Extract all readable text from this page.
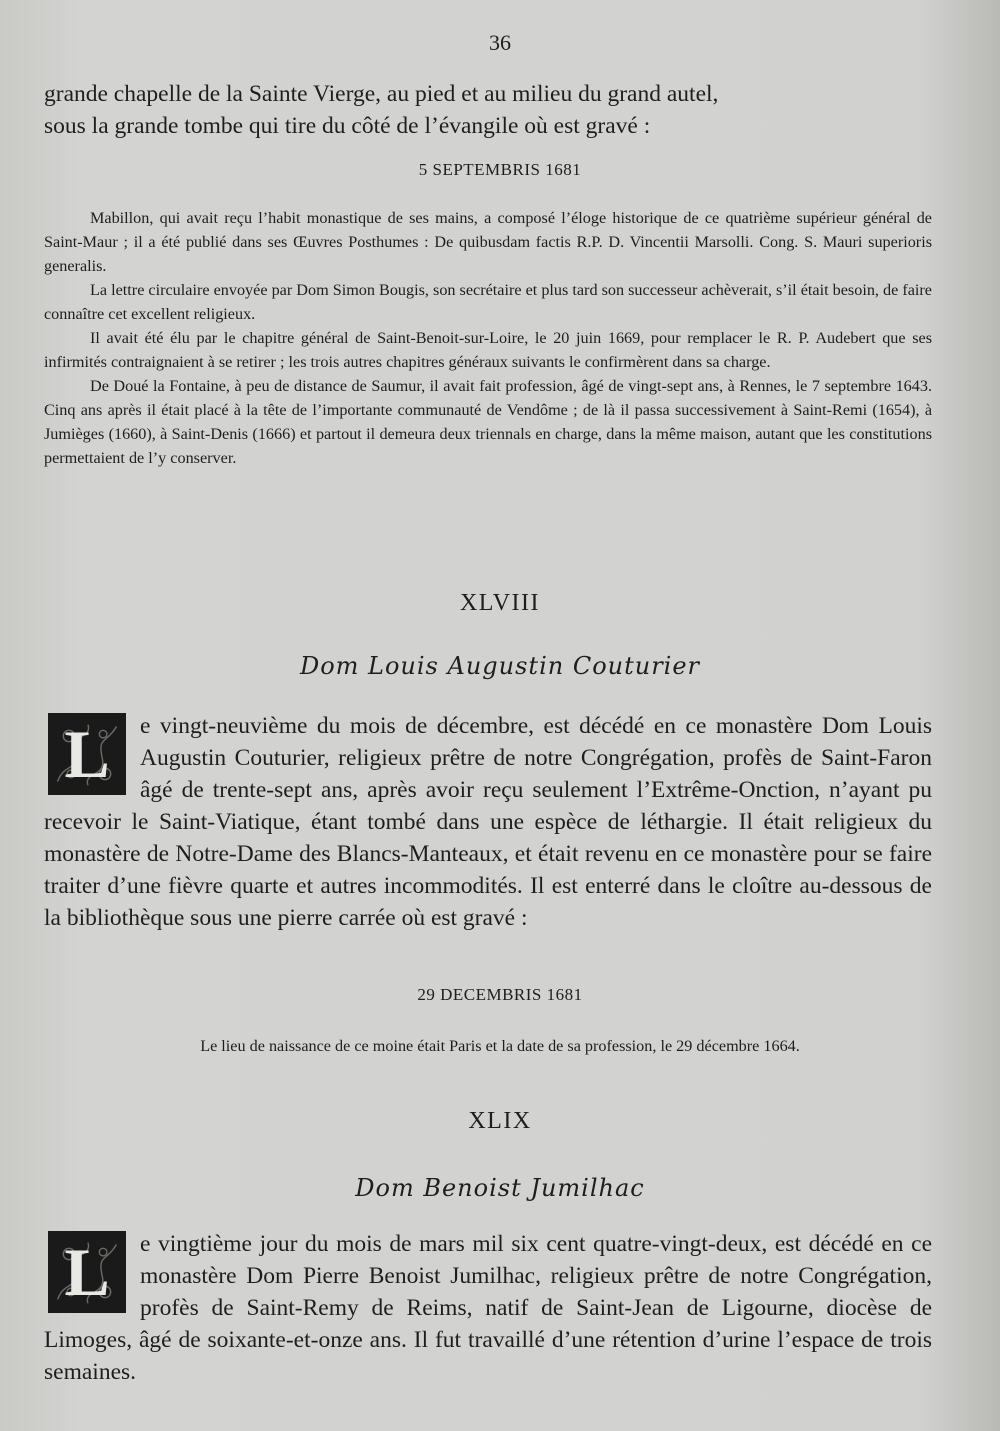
36
grande chapelle de la Sainte Vierge, au pied et au milieu du grand autel,
sous la grande tombe qui tire du côté de l’évangile où est gravé :
5 SEPTEMBRIS 1681
Mabillon, qui avait reçu l’habit monastique de ses mains, a composé l’éloge historique de ce quatrième supérieur général de Saint-Maur ; il a été publié dans ses Œuvres Posthumes : De quibusdam factis R.P. D. Vincentii Marsolli. Cong. S. Mauri superioris generalis.
La lettre circulaire envoyée par Dom Simon Bougis, son secrétaire et plus tard son successeur achèverait, s’il était besoin, de faire connaître cet excellent religieux.
Il avait été élu par le chapitre général de Saint-Benoit-sur-Loire, le 20 juin 1669, pour remplacer le R. P. Audebert que ses infirmités contraignaient à se retirer ; les trois autres chapitres généraux suivants le confirmèrent dans sa charge.
De Doué la Fontaine, à peu de distance de Saumur, il avait fait profession, âgé de vingt-sept ans, à Rennes, le 7 septembre 1643. Cinq ans après il était placé à la tête de l’importante communauté de Vendôme ; de là il passa successivement à Saint-Remi (1654), à Jumièges (1660), à Saint-Denis (1666) et partout il demeura deux triennals en charge, dans la même maison, autant que les constitutions permettaient de l’y conserver.
XLVIII
Dom Louis Augustin Couturier
L	e vingt-neuvième du mois de décembre, est décédé en ce monastère Dom Louis Augustin Couturier, religieux prêtre de notre Congrégation, profès de Saint-Faron âgé de trente-sept ans, après avoir reçu seulement l’Extrême-Onction, n’ayant pu recevoir le Saint-Viatique, étant tombé dans une espèce de léthargie. Il était religieux du monastère de Notre-Dame des Blancs-Manteaux, et était revenu en ce monastère pour se faire traiter d’une fièvre quarte et autres incommodités. Il est enterré dans le cloître au-dessous de la bibliothèque sous une pierre carrée où est gravé :
29 DECEMBRIS 1681
Le lieu de naissance de ce moine était Paris et la date de sa profession, le 29 décembre 1664.
XLIX
Dom Benoist Jumilhac
L	e vingtième jour du mois de mars mil six cent quatre-vingt-deux, est décédé en ce monastère Dom Pierre Benoist Jumilhac, religieux prêtre de notre Congrégation, profès de Saint-Remy de Reims, natif de Saint-Jean de Ligourne, diocèse de Limoges, âgé de soixante-et-onze ans. Il fut travaillé d’une rétention d’urine l’espace de trois semaines.
